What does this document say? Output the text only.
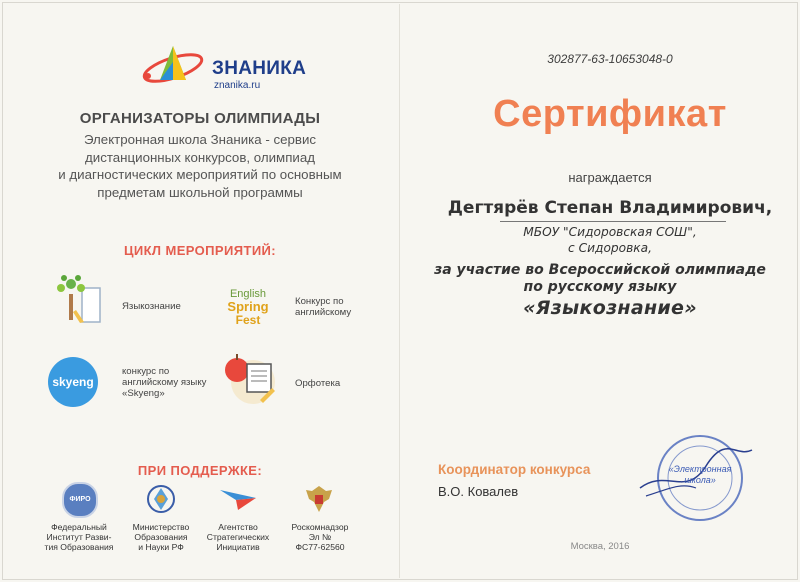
ЗНАНИКА
znanika.ru
ОРГАНИЗАТОРЫ ОЛИМПИАДЫ
Электронная школа Знаника - сервис
дистанционных конкурсов, олимпиад
и диагностических мероприятий по основным
предметам школьной программы
ЦИКЛ МЕРОПРИЯТИЙ:
Языкознание
English
Spring
Fest
Конкурс по английскому
skyeng
конкурс по английскому языку «Skyeng»
Орфотека
ПРИ ПОДДЕРЖКЕ:
ФИРО
Федеральный
Институт Разви-
тия Образования
Министерство
Образования
и Науки РФ
Агентство
Стратегических
Инициатив
Роскомнадзор
Эл №
ФС77-62560
302877-63-10653048-0
Сертификат
награждается
Дегтярёв Степан Владимирович,
МБОУ "Сидоровская СОШ",
с Сидоровка,
за участие во Всероссийской олимпиаде
по русскому языку
«Языкознание»
Координатор конкурса
В.О. Ковалев
«Электронная
школа»
Москва, 2016
